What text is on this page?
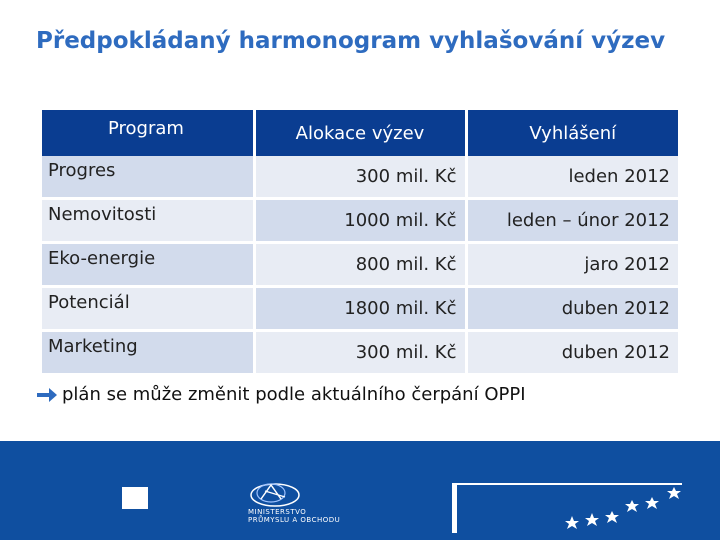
Předpokládaný harmonogram vyhlašování výzev
Program	Alokace výzev	Vyhlášení
Progres	300 mil. Kč	leden 2012
Nemovitosti	1000 mil. Kč	leden – únor 2012
Eko-energie	800 mil. Kč	jaro 2012
Potenciál	1800 mil. Kč	duben 2012
Marketing	300 mil. Kč	duben 2012
plán se může změnit podle aktuálního čerpání OPPI
MINISTERSTVO
PRŮMYSLU A OBCHODU
